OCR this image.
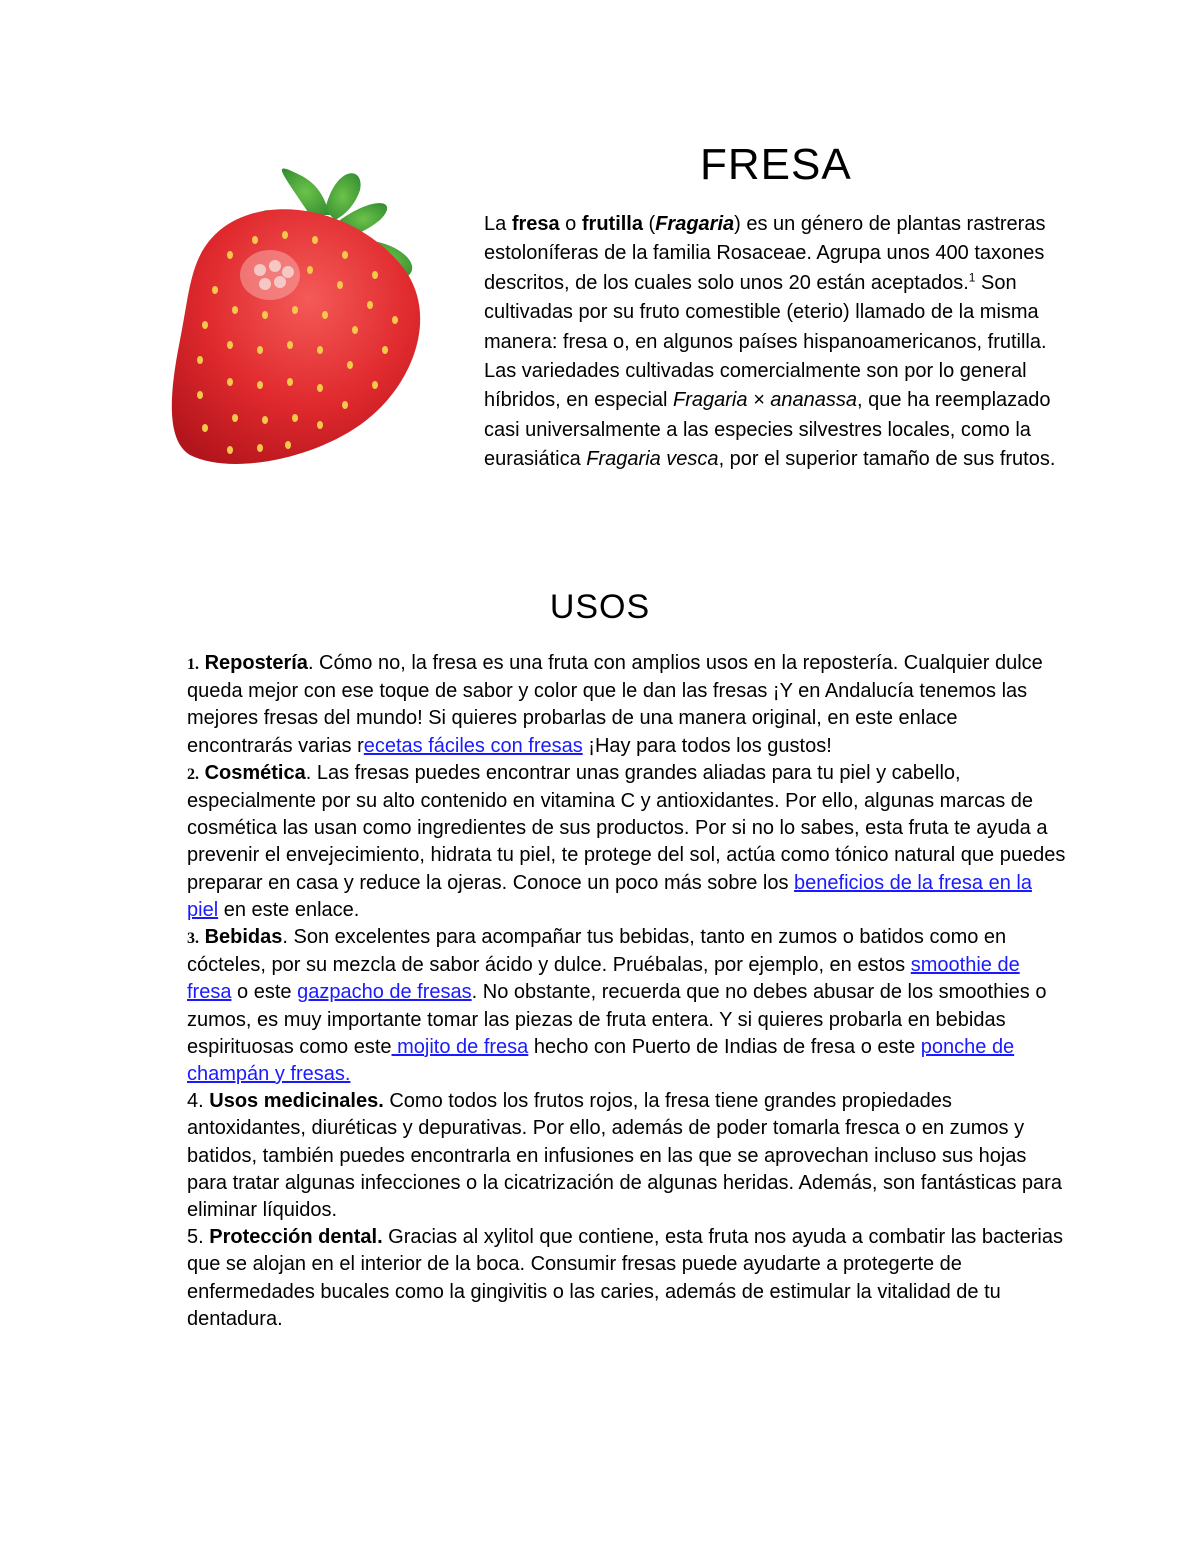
FRESA

La fresa o frutilla (Fragaria) es un género de plantas rastreras estoloníferas de la familia Rosaceae. Agrupa unos 400 taxones descritos, de los cuales solo unos 20 están aceptados.$^1$ Son cultivadas por su fruto comestible (eterio) llamado de la misma manera: fresa o, en algunos países hispanoamericanos, frutilla. Las variedades cultivadas comercialmente son por lo general híbridos, en especial Fragaria × ananassa, que ha reemplazado casi universalmente a las especies silvestres locales, como la eurasiática Fragaria vesca, por el superior tamaño de sus frutos.

USOS

1. Repostería. Cómo no, la fresa es una fruta con amplios usos en la repostería. Cualquier dulce queda mejor con ese toque de sabor y color que le dan las fresas ¡Y en Andalucía tenemos las mejores fresas del mundo! Si quieres probarlas de una manera original, en este enlace encontrarás varias recetas fáciles con fresas ¡Hay para todos los gustos!

2. Cosmética. Las fresas puedes encontrar unas grandes aliadas para tu piel y cabello, especialmente por su alto contenido en vitamina C y antioxidantes. Por ello, algunas marcas de cosmética las usan como ingredientes de sus productos. Por si no lo sabes, esta fruta te ayuda a prevenir el envejecimiento, hidrata tu piel, te protege del sol, actúa como tónico natural que puedes preparar en casa y reduce la ojeras. Conoce un poco más sobre los beneficios de la fresa en la piel en este enlace.

3. Bebidas. Son excelentes para acompañar tus bebidas, tanto en zumos o batidos como en cócteles, por su mezcla de sabor ácido y dulce. Pruébalas, por ejemplo, en estos smoothie de fresa o este gazpacho de fresas. No obstante, recuerda que no debes abusar de los smoothies o zumos, es muy importante tomar las piezas de fruta entera. Y si quieres probarla en bebidas espirituosas como este mojito de fresa hecho con Puerto de Indias de fresa o este ponche de champán y fresas.

4. Usos medicinales. Como todos los frutos rojos, la fresa tiene grandes propiedades antoxidantes, diuréticas y depurativas. Por ello, además de poder tomarla fresca o en zumos y batidos, también puedes encontrarla en infusiones en las que se aprovechan incluso sus hojas para tratar algunas infecciones o la cicatrización de algunas heridas. Además, son fantásticas para eliminar líquidos.

5. Protección dental. Gracias al xylitol que contiene, esta fruta nos ayuda a combatir las bacterias que se alojan en el interior de la boca. Consumir fresas puede ayudarte a protegerte de enfermedades bucales como la gingivitis o las caries, además de estimular la vitalidad de tu dentadura.
